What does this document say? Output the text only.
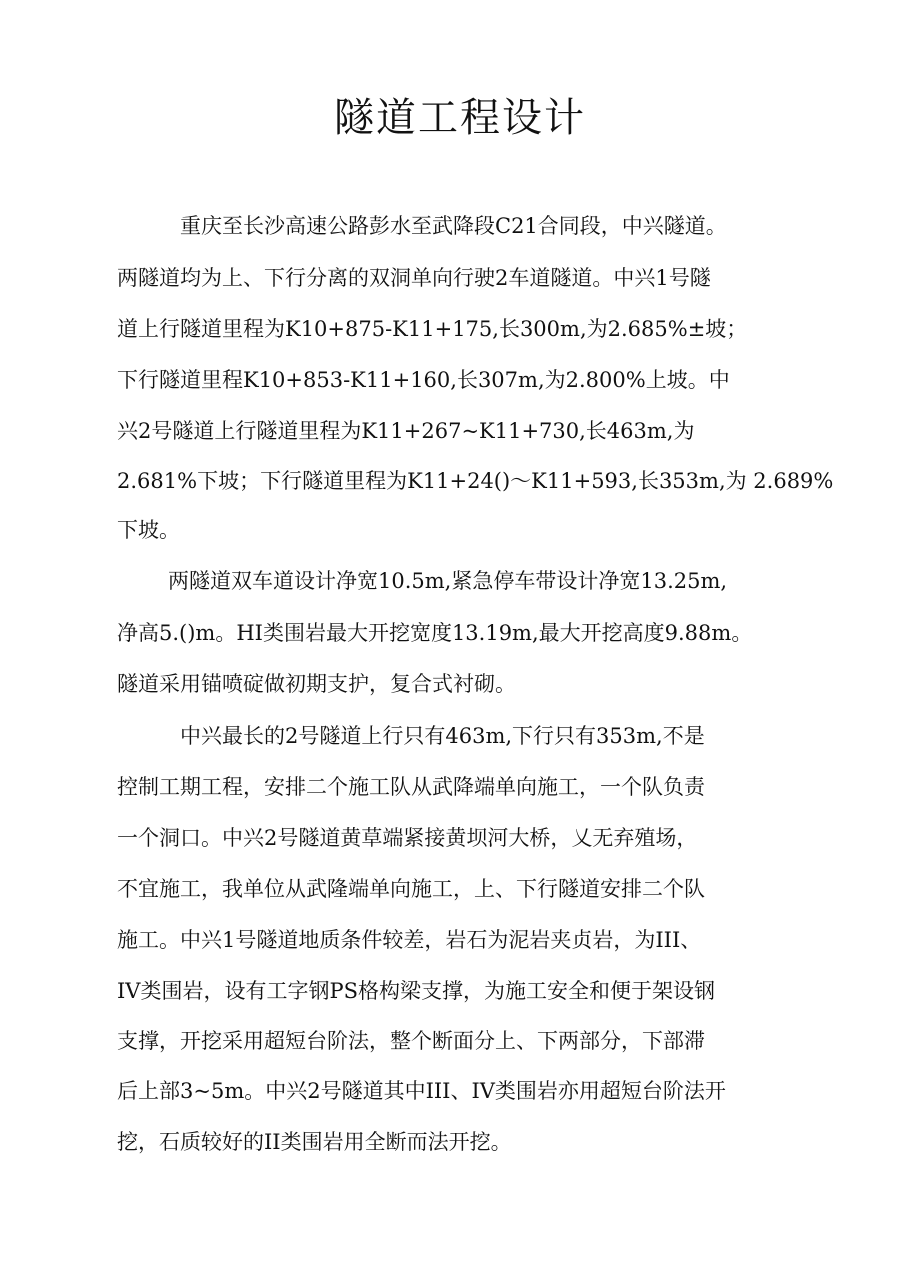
隧道工程设计
重庆至长沙高速公路彭水至武降段C21合同段，中兴隧道。
两隧道均为上、下行分离的双洞单向行驶2车道隧道。中兴1号隧
道上行隧道里程为K10+875-K11+175,长300m,为2.685%±坡；
下行隧道里程K10+853-K11+160,长307m,为2.800%上坡。中
兴2号隧道上行隧道里程为K11+267~K11+730,长463m,为
2.681%下坡；下行隧道里程为K11+24()～K11+593,长353m,为 2.689%
下坡。
两隧道双车道设计净宽10.5m,紧急停车带设计净宽13.25m,
净高5.()m。HI类围岩最大开挖宽度13.19m,最大开挖高度9.88m。
隧道采用锚喷碇做初期支护，复合式衬砌。
中兴最长的2号隧道上行只有463m,下行只有353m,不是
控制工期工程，安排二个施工队从武降端单向施工，一个队负责
一个洞口。中兴2号隧道黄草端紧接黄坝河大桥，乂无弃殖场，
不宜施工，我单位从武隆端单向施工，上、下行隧道安排二个队
施工。中兴1号隧道地质条件较差，岩石为泥岩夹贞岩，为III、
IV类围岩，设有工字钢PS格构梁支撑，为施工安全和便于架设钢
支撑，开挖采用超短台阶法，整个断面分上、下两部分，下部滞
后上部3~5m。中兴2号隧道其中III、IV类围岩亦用超短台阶法开
挖，石质较好的II类围岩用全断而法开挖。
